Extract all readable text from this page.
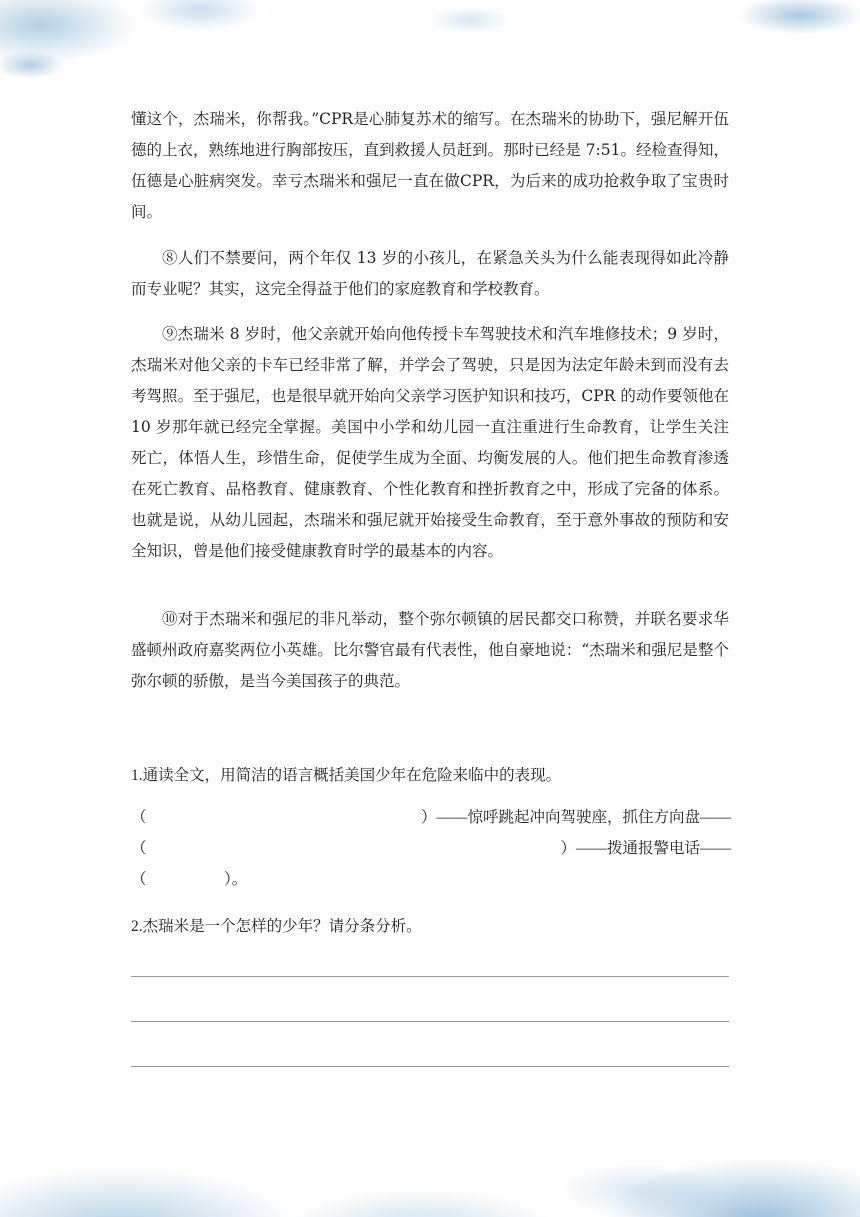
懂这个，杰瑞米，你帮我。”CPR是心肺复苏术的缩写。在杰瑞米的协助下，强尼解开伍德的上衣，熟练地进行胸部按压，直到救援人员赶到。那时已经是 7:51。经检查得知，伍德是心脏病突发。幸亏杰瑞米和强尼一直在做CPR，为后来的成功抢救争取了宝贵时间。

⑧人们不禁要问，两个年仅 13 岁的小孩儿，在紧急关头为什么能表现得如此冷静而专业呢？其实，这完全得益于他们的家庭教育和学校教育。

⑨杰瑞米 8 岁时，他父亲就开始向他传授卡车驾驶技术和汽车堆修技术；9 岁时，杰瑞米对他父亲的卡车已经非常了解，并学会了驾驶，只是因为法定年龄未到而没有去考驾照。至于强尼，也是很早就开始向父亲学习医护知识和技巧，CPR 的动作要领他在 10 岁那年就已经完全掌握。美国中小学和幼儿园一直注重进行生命教育，让学生关注死亡，体悟人生，珍惜生命，促使学生成为全面、均衡发展的人。他们把生命教育渗透在死亡教育、品格教育、健康教育、个性化教育和挫折教育之中，形成了完备的体系。也就是说，从幼儿园起，杰瑞米和强尼就开始接受生命教育，至于意外事故的预防和安全知识，曾是他们接受健康教育时学的最基本的内容。

⑩对于杰瑞米和强尼的非凡举动，整个弥尔顿镇的居民都交口称赞，并联名要求华盛顿州政府嘉奖两位小英雄。比尔警官最有代表性，他自豪地说：“杰瑞米和强尼是整个弥尔顿的骄傲，是当今美国孩子的典范。

1.通读全文，用简洁的语言概括美国少年在危险来临中的表现。

（	）——惊呼跳起冲向驾驶座，抓住方向盘——
（	）——拨通报警电话——
（                    ）。

2.杰瑞米是一个怎样的少年？请分条分析。
